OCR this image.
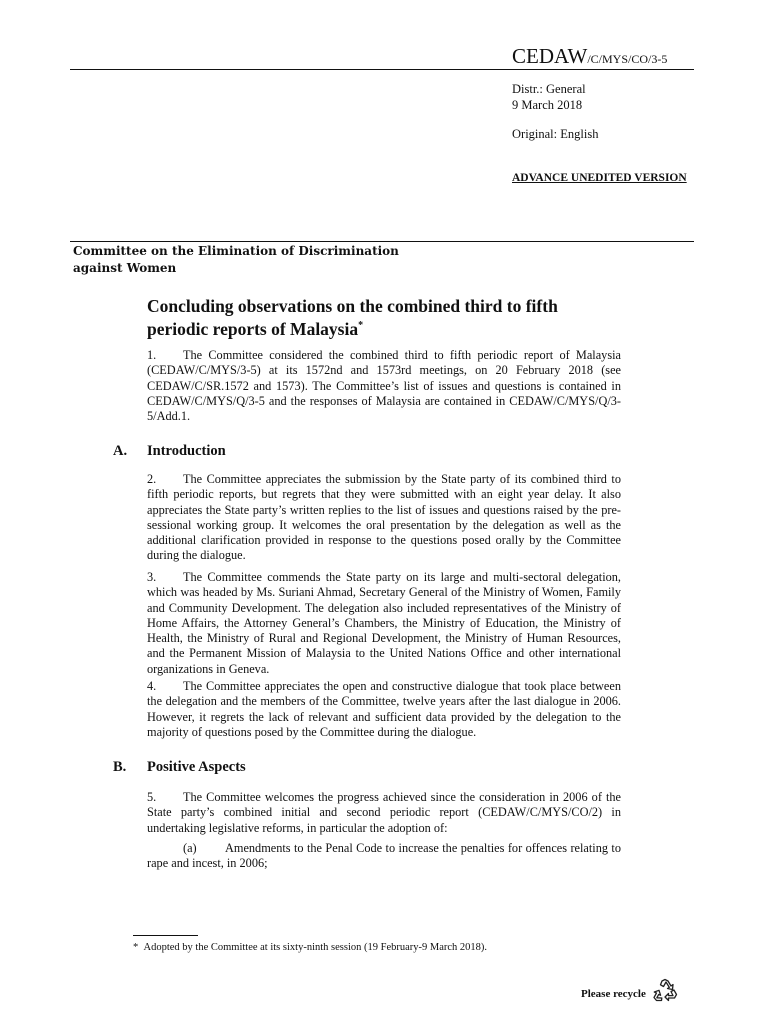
CEDAW/C/MYS/CO/3-5
Distr.: General
9 March 2018
Original: English
ADVANCE UNEDITED VERSION
Committee on the Elimination of Discrimination against Women
Concluding observations on the combined third to fifth periodic reports of Malaysia*
1. The Committee considered the combined third to fifth periodic report of Malaysia (CEDAW/C/MYS/3-5) at its 1572nd and 1573rd meetings, on 20 February 2018 (see CEDAW/C/SR.1572 and 1573). The Committee’s list of issues and questions is contained in CEDAW/C/MYS/Q/3-5 and the responses of Malaysia are contained in CEDAW/C/MYS/Q/3-5/Add.1.
A. Introduction
2. The Committee appreciates the submission by the State party of its combined third to fifth periodic reports, but regrets that they were submitted with an eight year delay. It also appreciates the State party’s written replies to the list of issues and questions raised by the pre-sessional working group. It welcomes the oral presentation by the delegation as well as the additional clarification provided in response to the questions posed orally by the Committee during the dialogue.
3. The Committee commends the State party on its large and multi-sectoral delegation, which was headed by Ms. Suriani Ahmad, Secretary General of the Ministry of Women, Family and Community Development. The delegation also included representatives of the Ministry of Home Affairs, the Attorney General’s Chambers, the Ministry of Education, the Ministry of Health, the Ministry of Rural and Regional Development, the Ministry of Human Resources, and the Permanent Mission of Malaysia to the United Nations Office and other international organizations in Geneva.
4. The Committee appreciates the open and constructive dialogue that took place between the delegation and the members of the Committee, twelve years after the last dialogue in 2006. However, it regrets the lack of relevant and sufficient data provided by the delegation to the majority of questions posed by the Committee during the dialogue.
B. Positive Aspects
5. The Committee welcomes the progress achieved since the consideration in 2006 of the State party’s combined initial and second periodic report (CEDAW/C/MYS/CO/2) in undertaking legislative reforms, in particular the adoption of:
(a) Amendments to the Penal Code to increase the penalties for offences relating to rape and incest, in 2006;
* Adopted by the Committee at its sixty-ninth session (19 February-9 March 2018).
Please recycle
